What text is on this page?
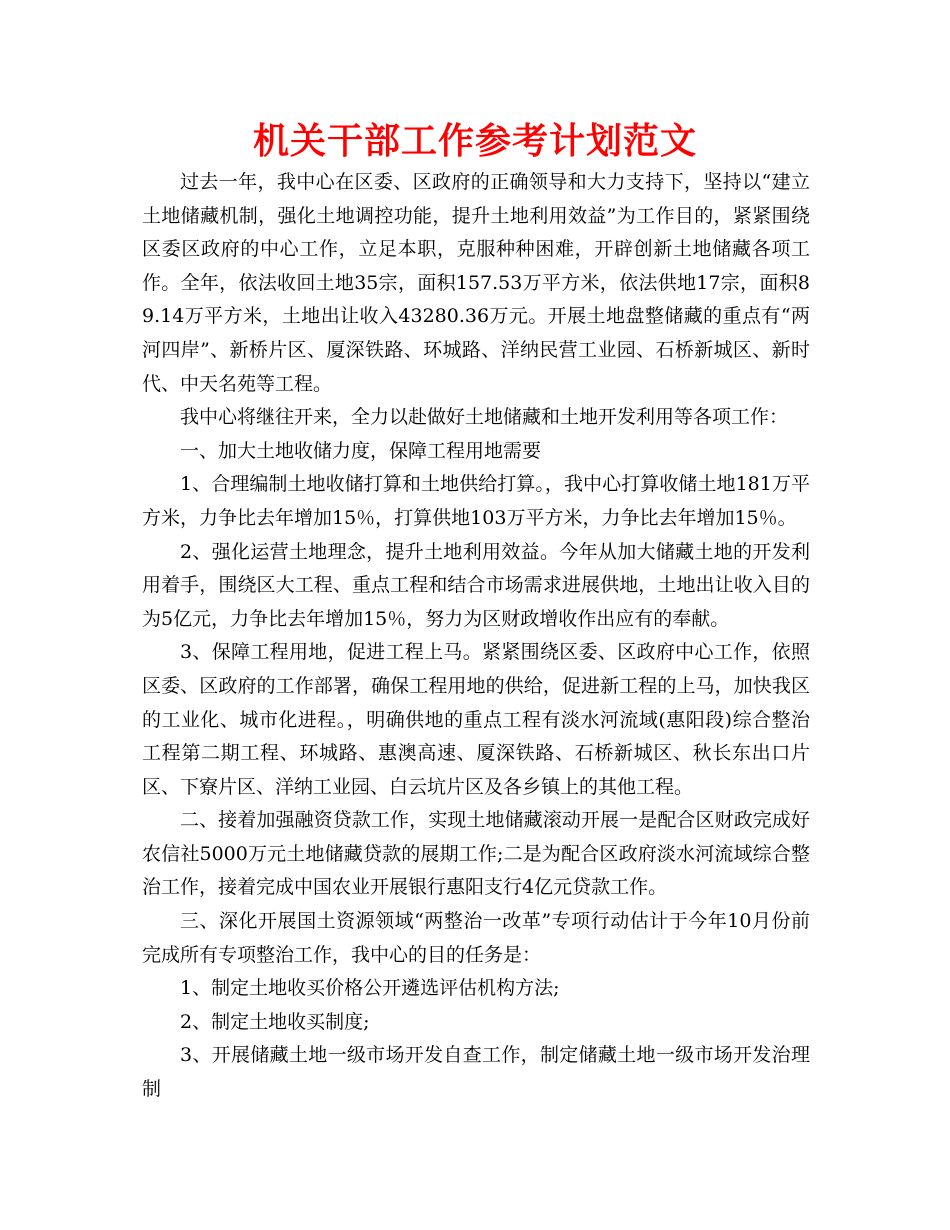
机关干部工作参考计划范文

过去一年，我中心在区委、区政府的正确领导和大力支持下，坚持以“建立土地储藏机制，强化土地调控功能，提升土地利用效益”为工作目的，紧紧围绕区委区政府的中心工作，立足本职，克服种种困难，开辟创新土地储藏各项工作。全年，依法收回土地35宗，面积157.53万平方米，依法供地17宗，面积89.14万平方米，土地出让收入43280.36万元。开展土地盘整储藏的重点有“两河四岸”、新桥片区、厦深铁路、环城路、洋纳民营工业园、石桥新城区、新时代、中天名苑等工程。

我中心将继往开来，全力以赴做好土地储藏和土地开发利用等各项工作：

一、加大土地收储力度，保障工程用地需要

1、合理编制土地收储打算和土地供给打算。，我中心打算收储土地181万平方米，力争比去年增加15％，打算供地103万平方米，力争比去年增加15％。

2、强化运营土地理念，提升土地利用效益。今年从加大储藏土地的开发利用着手，围绕区大工程、重点工程和结合市场需求进展供地，土地出让收入目的为5亿元，力争比去年增加15％，努力为区财政增收作出应有的奉献。

3、保障工程用地，促进工程上马。紧紧围绕区委、区政府中心工作，依照区委、区政府的工作部署，确保工程用地的供给，促进新工程的上马，加快我区的工业化、城市化进程。，明确供地的重点工程有淡水河流域(惠阳段)综合整治工程第二期工程、环城路、惠澳高速、厦深铁路、石桥新城区、秋长东出口片区、下寮片区、洋纳工业园、白云坑片区及各乡镇上的其他工程。

二、接着加强融资贷款工作，实现土地储藏滚动开展一是配合区财政完成好农信社5000万元土地储藏贷款的展期工作;二是为配合区政府淡水河流域综合整治工作，接着完成中国农业开展银行惠阳支行4亿元贷款工作。

三、深化开展国土资源领域“两整治一改革”专项行动估计于今年10月份前完成所有专项整治工作，我中心的目的任务是：

1、制定土地收买价格公开遴选评估机构方法;

2、制定土地收买制度;

3、开展储藏土地一级市场开发自查工作，制定储藏土地一级市场开发治理制
